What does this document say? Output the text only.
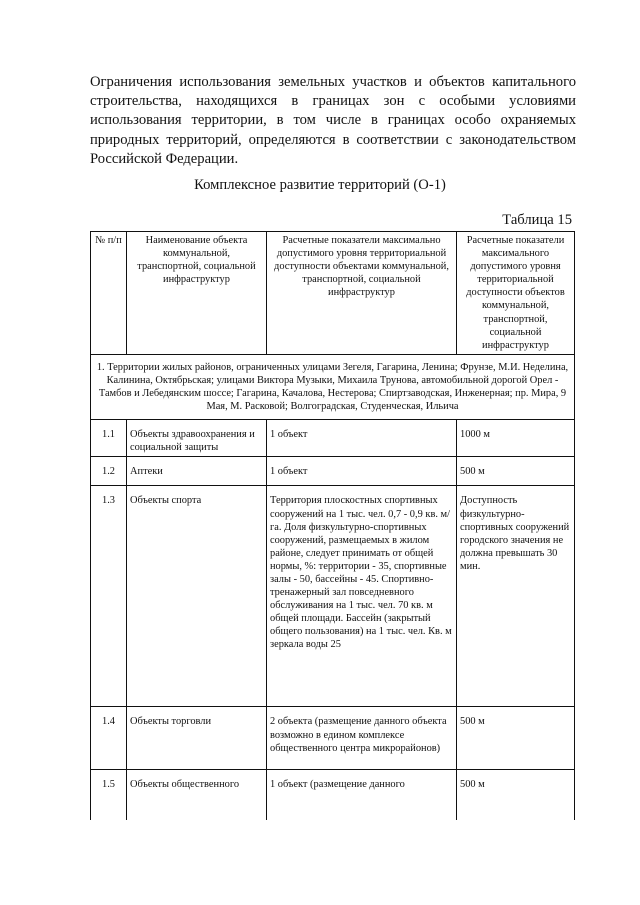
Ограничения использования земельных участков и объектов капитального строительства, находящихся в границах зон с особыми условиями использования территории, в том числе в границах особо охраняемых природных территорий, определяются в соответствии с законодательством Российской Федерации.
Комплексное развитие территорий (О-1)
Таблица 15
№ п/п	Наименование объекта коммунальной, транспортной, социальной инфраструктур	Расчетные показатели максимально допустимого уровня территориальной доступности объектами коммунальной, транспортной, социальной инфраструктур	Расчетные показатели максимального допустимого уровня территориальной доступности объектов коммунальной, транспортной, социальной инфраструктур
1. Территории жилых районов, ограниченных улицами Зегеля, Гагарина, Ленина; Фрунзе, М.И. Неделина, Калинина, Октябрьская; улицами Виктора Музыки, Михаила Трунова, автомобильной дорогой Орел - Тамбов и Лебедянским шоссе; Гагарина, Качалова, Нестерова; Спиртзаводская, Инженерная; пр. Мира, 9 Мая, М. Расковой; Волгоградская, Студенческая, Ильича			
1.1	Объекты здравоохранения и социальной защиты	1 объект	1000 м
1.2	Аптеки	1 объект	500 м
1.3	Объекты спорта	Территория плоскостных спортивных сооружений на 1 тыс. чел. 0,7 - 0,9 кв. м/га. Доля физкультурно-спортивных сооружений, размещаемых в жилом районе, следует принимать от общей нормы, %: территории - 35, спортивные залы - 50, бассейны - 45. Спортивно-тренажерный зал повседневного обслуживания на 1 тыс. чел. 70 кв. м общей площади. Бассейн (закрытый общего пользования) на 1 тыс. чел. Кв. м зеркала воды 25	Доступность физкультурно-спортивных сооружений городского значения не должна превышать 30 мин.
1.4	Объекты торговли	2 объекта (размещение данного объекта возможно в едином комплексе общественного центра микрорайонов)	500 м
1.5	Объекты общественного	1 объект (размещение данного	500 м
